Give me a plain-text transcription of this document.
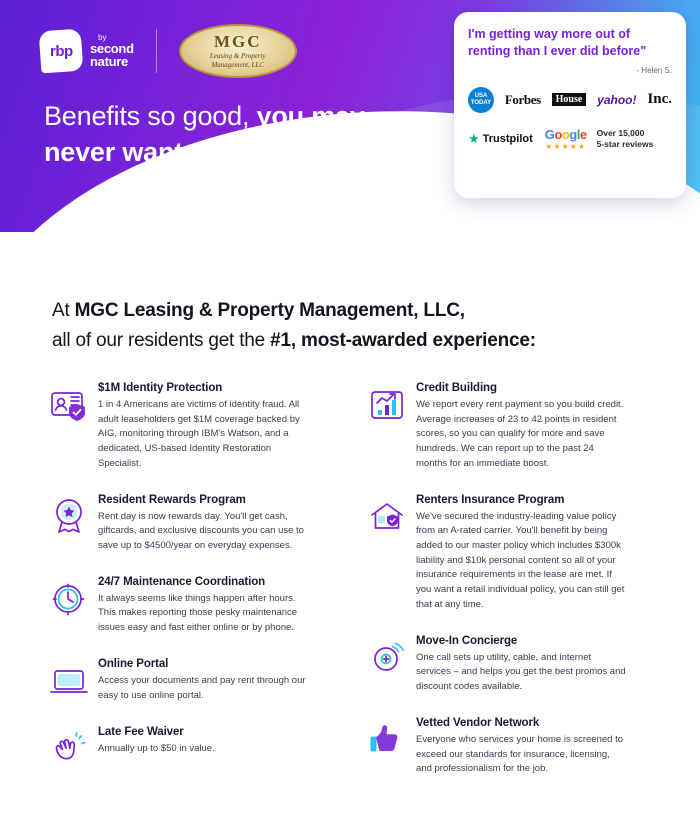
rbp
by
second
nature
MGC
Leasing & Property
Management, LLC
Benefits so good, you may
never want to leave.
I'm getting way more out of renting than I ever did before"
- Helen S.
USA
TODAY Forbes	House	yahoo! Inc.
★ Trustpilot Google
★★★★★
Over 15,000
5-star reviews
At MGC Leasing & Property Management, LLC,
all of our residents get the #1, most-awarded experience:
$1M Identity Protection
1 in 4 Americans are victims of identity fraud. All adult leaseholders get $1M coverage backed by AIG, monitoring through IBM's Watson, and a dedicated, US-based Identity Restoration Specialist.
Resident Rewards Program
Rent day is now rewards day. You'll get cash, giftcards, and exclusive discounts you can use to save up to $4500/year on everyday expenses.
24/7 Maintenance Coordination
It always seems like things happen after hours. This makes reporting those pesky maintenance issues easy and fast either online or by phone.
Online Portal
Access your documents and pay rent through our easy to use online portal.
Late Fee Waiver
Annually up to $50 in value.
Credit Building
We report every rent payment so you build credit. Average increases of 23 to 42 points in resident scores, so you can qualify for more and save hundreds. We can report up to the past 24 months for an immediate boost.
Renters Insurance Program
We've secured the industry-leading value policy from an A-rated carrier. You'll benefit by being added to our master policy which includes $300k liability and $10k personal content so all of your insurance requirements in the lease are met. If you want a retail individual policy, you can still get that at any time.
Move-In Concierge
One call sets up utility, cable, and internet services – and helps you get the best promos and discount codes available.
Vetted Vendor Network
Everyone who services your home is screened to exceed our standards for insurance, licensing, and professionalism for the job.
